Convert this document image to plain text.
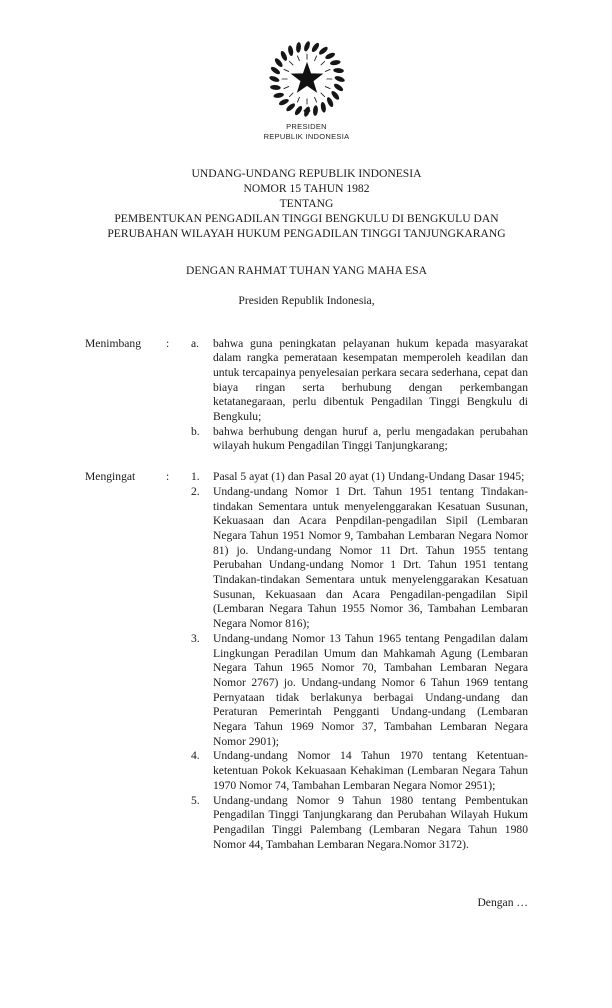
PRESIDEN
REPUBLIK INDONESIA
UNDANG-UNDANG REPUBLIK INDONESIA
NOMOR 15 TAHUN 1982
TENTANG
PEMBENTUKAN PENGADILAN TINGGI BENGKULU DI BENGKULU DAN
PERUBAHAN WILAYAH HUKUM PENGADILAN TINGGI TANJUNGKARANG
DENGAN RAHMAT TUHAN YANG MAHA ESA
Presiden Republik Indonesia,
Menimbang	:	a.	bahwa guna peningkatan pelayanan hukum kepada masyarakat dalam rangka pemerataan kesempatan memperoleh keadilan dan untuk tercapainya penyelesaian perkara secara sederhana, cepat dan biaya ringan serta berhubung dengan perkembangan ketatanegaraan, perlu dibentuk Pengadilan Tinggi Bengkulu di Bengkulu;
b.	bahwa berhubung dengan huruf a, perlu mengadakan perubahan wilayah hukum Pengadilan Tinggi Tanjungkarang;
Mengingat	:	1.	Pasal 5 ayat (1) dan Pasal 20 ayat (1) Undang-Undang Dasar 1945;
2.	Undang-undang Nomor 1 Drt. Tahun 1951 tentang Tindakan-tindakan Sementara untuk menyelenggarakan Kesatuan Susunan, Kekuasaan dan Acara Penpdilan-pengadilan Sipil (Lembaran Negara Tahun 1951 Nomor 9, Tambahan Lembaran Negara Nomor 81) jo. Undang-undang Nomor 11 Drt. Tahun 1955 tentang Perubahan Undang-undang Nomor 1 Drt. Tahun 1951 tentang Tindakan-tindakan Sementara untuk menyelenggarakan Kesatuan Susunan, Kekuasaan dan Acara Pengadilan-pengadilan Sipil (Lembaran Negara Tahun 1955 Nomor 36, Tambahan Lembaran Negara Nomor 816);
3.	Undang-undang Nomor 13 Tahun 1965 tentang Pengadilan dalam Lingkungan Peradilan Umum dan Mahkamah Agung (Lembaran Negara Tahun 1965 Nomor 70, Tambahan Lembaran Negara Nomor 2767) jo. Undang-undang Nomor 6 Tahun 1969 tentang Pernyataan tidak berlakunya berbagai Undang-undang dan Peraturan Pemerintah Pengganti Undang-undang (Lembaran Negara Tahun 1969 Nomor 37, Tambahan Lembaran Negara Nomor 2901);
4.	Undang-undang Nomor 14 Tahun 1970 tentang Ketentuan-ketentuan Pokok Kekuasaan Kehakiman (Lembaran Negara Tahun 1970 Nomor 74, Tambahan Lembaran Negara Nomor 2951);
5.	Undang-undang Nomor 9 Tahun 1980 tentang Pembentukan Pengadilan Tinggi Tanjungkarang dan Perubahan Wilayah Hukum Pengadilan Tinggi Palembang (Lembaran Negara Tahun 1980 Nomor 44, Tambahan Lembaran Negara.Nomor 3172).
Dengan …
